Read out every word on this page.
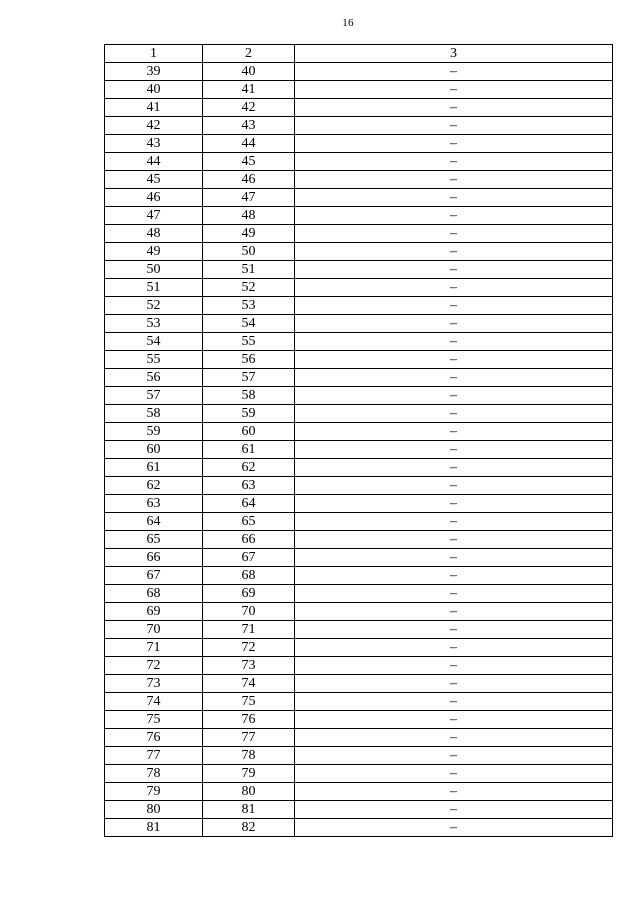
16
1	2	3
39	40	–
40	41	–
41	42	–
42	43	–
43	44	–
44	45	–
45	46	–
46	47	–
47	48	–
48	49	–
49	50	–
50	51	–
51	52	–
52	53	–
53	54	–
54	55	–
55	56	–
56	57	–
57	58	–
58	59	–
59	60	–
60	61	–
61	62	–
62	63	–
63	64	–
64	65	–
65	66	–
66	67	–
67	68	–
68	69	–
69	70	–
70	71	–
71	72	–
72	73	–
73	74	–
74	75	–
75	76	–
76	77	–
77	78	–
78	79	–
79	80	–
80	81	–
81	82	–
